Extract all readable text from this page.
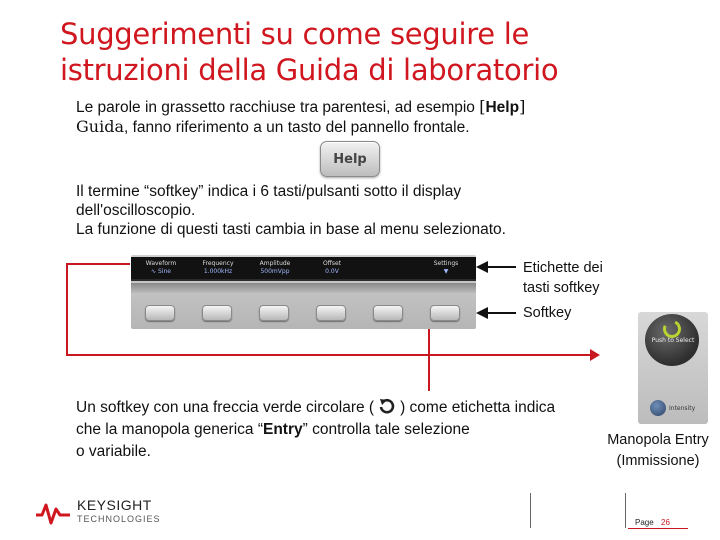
Suggerimenti su come seguire le
istruzioni della Guida di laboratorio
Le parole in grassetto racchiuse tra parentesi, ad esempio [Help]
Guida, fanno riferimento a un tasto del pannello frontale.
Help
Il termine “softkey” indica i 6 tasti/pulsanti sotto il display
dell'oscilloscopio.
La funzione di questi tasti cambia in base al menu selezionato.
Waveform
∿ Sine
Frequency
1.000kHz
Amplitude
500mVpp
Offset
0.0V
Settings
▼	Etichette dei
tasti softkey
Softkey
Un softkey con una freccia verde circolare ( ) come etichetta indica
che la manopola generica “Entry” controlla tale selezione
o variabile.
Push to Select
Intensity
Manopola Entry
(Immissione)
KEYSIGHT
TECHNOLOGIES	Page 26
